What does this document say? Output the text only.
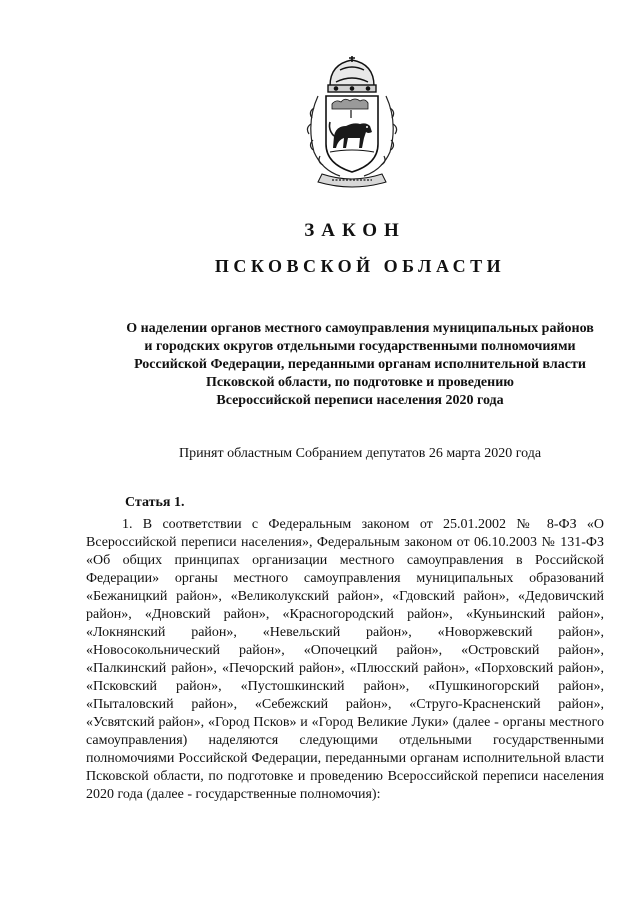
ЗАКОН
ПСКОВСКОЙ ОБЛАСТИ
О наделении органов местного самоуправления муниципальных районов
и городских округов отдельными государственными полномочиями
Российской Федерации, переданными органам исполнительной власти
Псковской области, по подготовке и проведению
Всероссийской переписи населения 2020 года
Принят областным Собранием депутатов 26 марта 2020 года
Статья 1.

1. В соответствии с Федеральным законом от 25.01.2002 № 8-ФЗ «О Всероссийской переписи населения», Федеральным законом от 06.10.2003 № 131-ФЗ «Об общих принципах организации местного самоуправления в Российской Федерации» органы местного самоуправления муниципальных образований «Бежаницкий район», «Великолукский район», «Гдовский район», «Дедовичский район», «Дновский район», «Красногородский район», «Куньинский район», «Локнянский район», «Невельский район», «Новоржевский район», «Новосокольнический район», «Опочецкий район», «Островский район», «Палкинский район», «Печорский район», «Плюсский район», «Порховский район», «Псковский район», «Пустошкинский район», «Пушкиногорский район», «Пыталовский район», «Себежский район», «Струго-Красненский район», «Усвятский район», «Город Псков» и «Город Великие Луки» (далее - органы местного самоуправления) наделяются следующими отдельными государственными полномочиями Российской Федерации, переданными органам исполнительной власти Псковской области, по подготовке и проведению Всероссийской переписи населения 2020 года (далее - государственные полномочия):
